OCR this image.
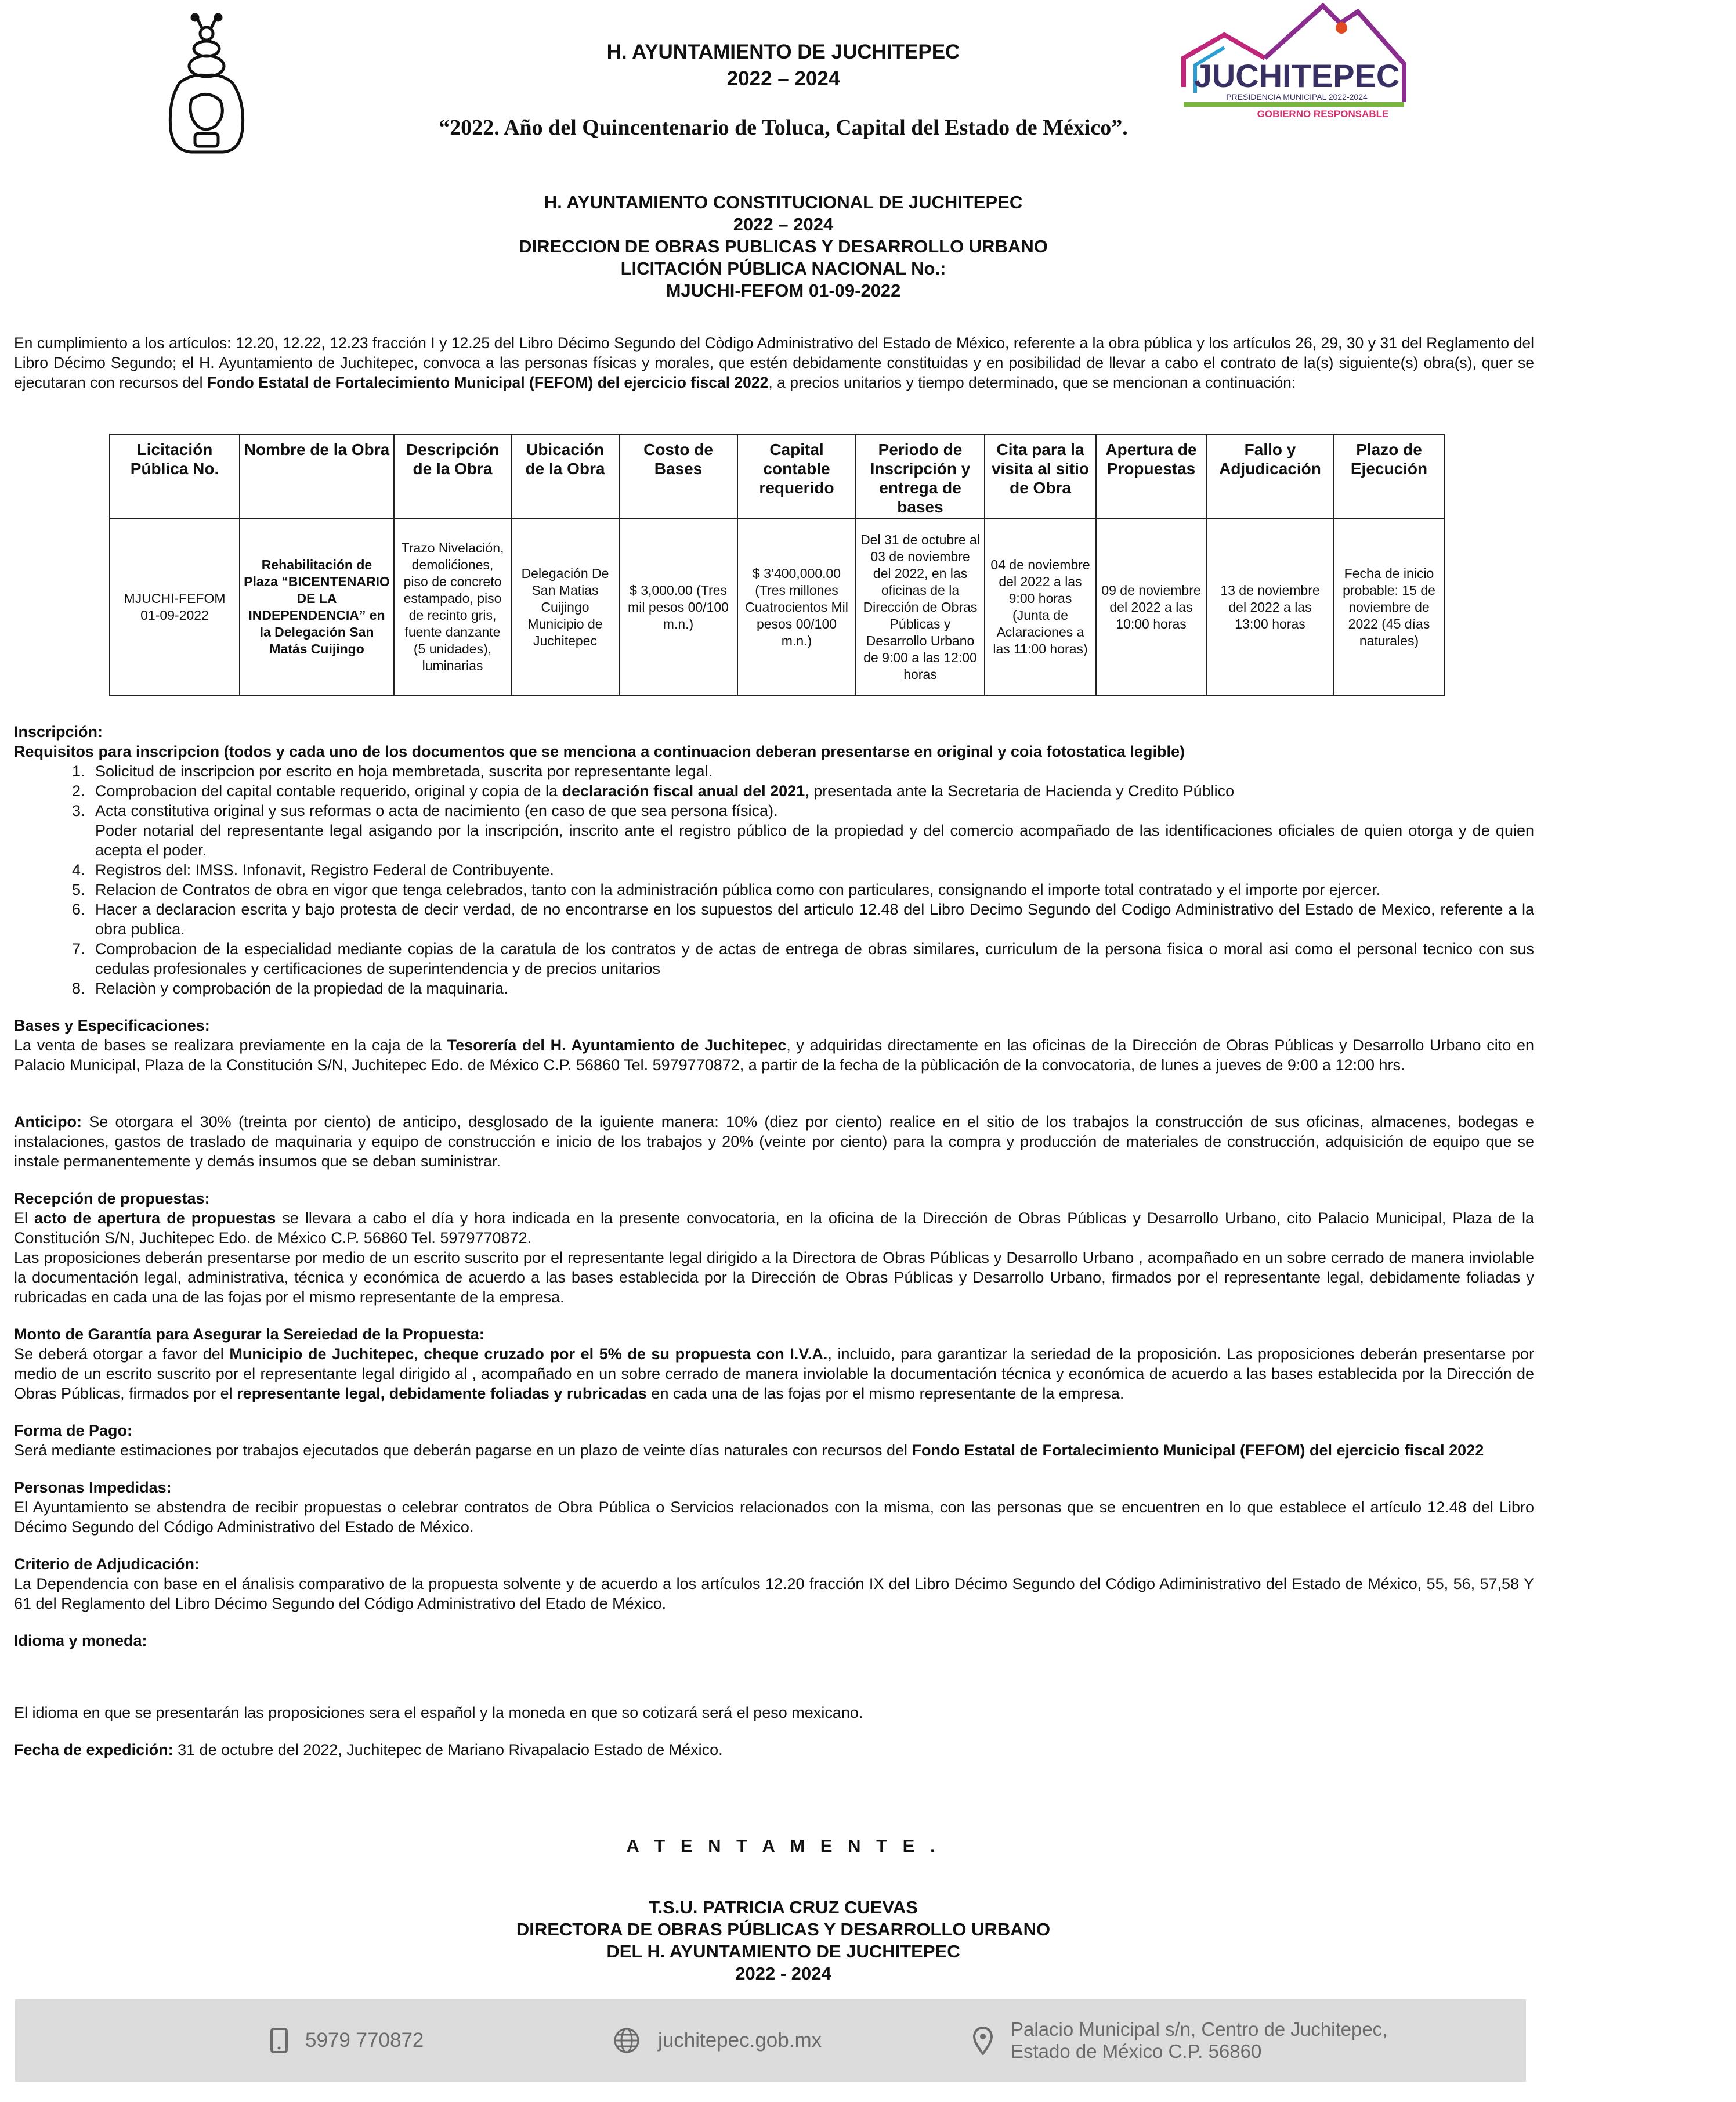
H. AYUNTAMIENTO DE JUCHITEPEC
2022 – 2024
“2022. Año del Quincentenario de Toluca, Capital del Estado de México”.
JUCHITEPEC
PRESIDENCIA MUNICIPAL 2022-2024
GOBIERNO RESPONSABLE
H. AYUNTAMIENTO CONSTITUCIONAL DE JUCHITEPEC
2022 – 2024
DIRECCION DE OBRAS PUBLICAS Y DESARROLLO URBANO
LICITACIÓN PÚBLICA NACIONAL No.:
MJUCHI-FEFOM 01-09-2022

En cumplimiento a los artículos: 12.20, 12.22, 12.23 fracción I y 12.25 del Libro Décimo Segundo del Còdigo Administrativo del Estado de México, referente a la obra pública y los artículos 26, 29, 30 y 31 del Reglamento del Libro Décimo Segundo; el H. Ayuntamiento de Juchitepec, convoca a las personas físicas y morales, que estén debidamente constituidas y en posibilidad de llevar a cabo el contrato de la(s) siguiente(s) obra(s), quer se ejecutaran con recursos del Fondo Estatal de Fortalecimiento Municipal (FEFOM) del ejercicio fiscal 2022, a precios unitarios y tiempo determinado, que se mencionan a continuación:

Licitación Pública No.	Nombre de la Obra	Descripción de la Obra	Ubicación de la Obra	Costo de Bases	Capital contable requerido	Periodo de Inscripción y entrega de bases	Cita para la visita al sitio de Obra	Apertura de Propuestas	Fallo y Adjudicación	Plazo de Ejecución
MJUCHI-FEFOM 01-09-2022	Rehabilitación de Plaza “BICENTENARIO DE LA INDEPENDENCIA” en la Delegación San Matás Cuijingo	Trazo Nivelación, demolićiones, piso de concreto estampado, piso de recinto gris, fuente danzante (5 unidades), luminarias	Delegación De San Matias Cuijingo Municipio de Juchitepec	$ 3,000.00 (Tres mil pesos 00/100 m.n.)	$ 3’400,000.00 (Tres millones Cuatrocientos Mil pesos 00/100 m.n.)	Del 31 de octubre al 03 de noviembre del 2022, en las oficinas de la Dirección de Obras Públicas y Desarrollo Urbano de 9:00 a las 12:00 horas	04 de noviembre del 2022 a las 9:00 horas (Junta de Aclaraciones a las 11:00 horas)	09 de noviembre del 2022 a las 10:00 horas	13 de noviembre del 2022 a las 13:00 horas	Fecha de inicio probable: 15 de noviembre de 2022 (45 días naturales)

Inscripción:

Requisitos para inscripcion (todos y cada uno de los documentos que se menciona a continuacion deberan presentarse en original y coia fotostatica legible)

1. Solicitud de inscripcion por escrito en hoja membretada, suscrita por representante legal.
2. Comprobacion del capital contable requerido, original y copia de la declaración fiscal anual del 2021, presentada ante la Secretaria de Hacienda y Credito Público
3. Acta constitutiva original y sus reformas o acta de nacimiento (en caso de que sea persona física).
Poder notarial del representante legal asigando por la inscripción, inscrito ante el registro público de la propiedad y del comercio acompañado de las identificaciones oficiales de quien otorga y de quien acepta el poder.
4. Registros del: IMSS. Infonavit, Registro Federal de Contribuyente.
5. Relacion de Contratos de obra en vigor que tenga celebrados, tanto con la administración pública como con particulares, consignando el importe total contratado y el importe por ejercer.
6. Hacer a declaracion escrita y bajo protesta de decir verdad, de no encontrarse en los supuestos del articulo 12.48 del Libro Decimo Segundo del Codigo Administrativo del Estado de Mexico, referente a la obra publica.
7. Comprobacion de la especialidad mediante copias de la caratula de los contratos y de actas de entrega de obras similares, curriculum de la persona fisica o moral asi como el personal tecnico con sus cedulas profesionales y certificaciones de superintendencia y de precios unitarios
8. Relaciòn y comprobación de la propiedad de la maquinaria.

Bases y Especificaciones:

La venta de bases se realizara previamente en la caja de la Tesorería del H. Ayuntamiento de Juchitepec, y adquiridas directamente en las oficinas de la Dirección de Obras Públicas y Desarrollo Urbano cito en Palacio Municipal, Plaza de la Constitución S/N, Juchitepec Edo. de México C.P. 56860 Tel. 5979770872, a partir de la fecha de la pùblicación de la convocatoria, de lunes a jueves de 9:00 a 12:00 hrs.

Anticipo: Se otorgara el 30% (treinta por ciento) de anticipo, desglosado de la iguiente manera: 10% (diez por ciento) realice en el sitio de los trabajos la construcción de sus oficinas, almacenes, bodegas e instalaciones, gastos de traslado de maquinaria y equipo de construcción e inicio de los trabajos y 20% (veinte por ciento) para la compra y producción de materiales de construcción, adquisición de equipo que se instale permanentemente y demás insumos que se deban suministrar.

Recepción de propuestas:

El acto de apertura de propuestas se llevara a cabo el día y hora indicada en la presente convocatoria, en la oficina de la Dirección de Obras Públicas y Desarrollo Urbano, cito Palacio Municipal, Plaza de la Constitución S/N, Juchitepec Edo. de México C.P. 56860 Tel. 5979770872.

Las proposiciones deberán presentarse por medio de un escrito suscrito por el representante legal dirigido a la Directora de Obras Públicas y Desarrollo Urbano , acompañado en un sobre cerrado de manera inviolable la documentación legal, administrativa, técnica y económica de acuerdo a las bases establecida por la Dirección de Obras Públicas y Desarrollo Urbano, firmados por el representante legal, debidamente foliadas y rubricadas en cada una de las fojas por el mismo representante de la empresa.

Monto de Garantía para Asegurar la Sereiedad de la Propuesta:

Se deberá otorgar a favor del Municipio de Juchitepec, cheque cruzado por el 5% de su propuesta con I.V.A., incluido, para garantizar la seriedad de la proposición. Las proposiciones deberán presentarse por medio de un escrito suscrito por el representante legal dirigido al , acompañado en un sobre cerrado de manera inviolable la documentación técnica y económica de acuerdo a las bases establecida por la Dirección de Obras Públicas, firmados por el representante legal, debidamente foliadas y rubricadas en cada una de las fojas por el mismo representante de la empresa.

Forma de Pago:

Será mediante estimaciones por trabajos ejecutados que deberán pagarse en un plazo de veinte días naturales con recursos del Fondo Estatal de Fortalecimiento Municipal (FEFOM) del ejercicio fiscal 2022

Personas Impedidas:

El Ayuntamiento se abstendra de recibir propuestas o celebrar contratos de Obra Pública o Servicios relacionados con la misma, con las personas que se encuentren en lo que establece el artículo 12.48 del Libro Décimo Segundo del Código Administrativo del Estado de México.

Criterio de Adjudicación:

La Dependencia con base en el ánalisis comparativo de la propuesta solvente y de acuerdo a los artículos 12.20 fracción IX del Libro Décimo Segundo del Código Adiministrativo del Estado de México, 55, 56, 57,58 Y 61 del Reglamento del Libro Décimo Segundo del Código Administrativo del Etado de México.

Idioma y moneda:

El idioma en que se presentarán las proposiciones sera el español y la moneda en que so cotizará será el peso mexicano.

Fecha de expedición: 31 de octubre del 2022, Juchitepec de Mariano Rivapalacio Estado de México.

A T E N T A M E N T E .
T.S.U. PATRICIA CRUZ CUEVAS
DIRECTORA DE OBRAS PÚBLICAS Y DESARROLLO URBANO
DEL H. AYUNTAMIENTO DE JUCHITEPEC
2022 - 2024
5979 770872	juchitepec.gob.mx	Palacio Municipal s/n, Centro de Juchitepec,
Estado de México C.P. 56860
